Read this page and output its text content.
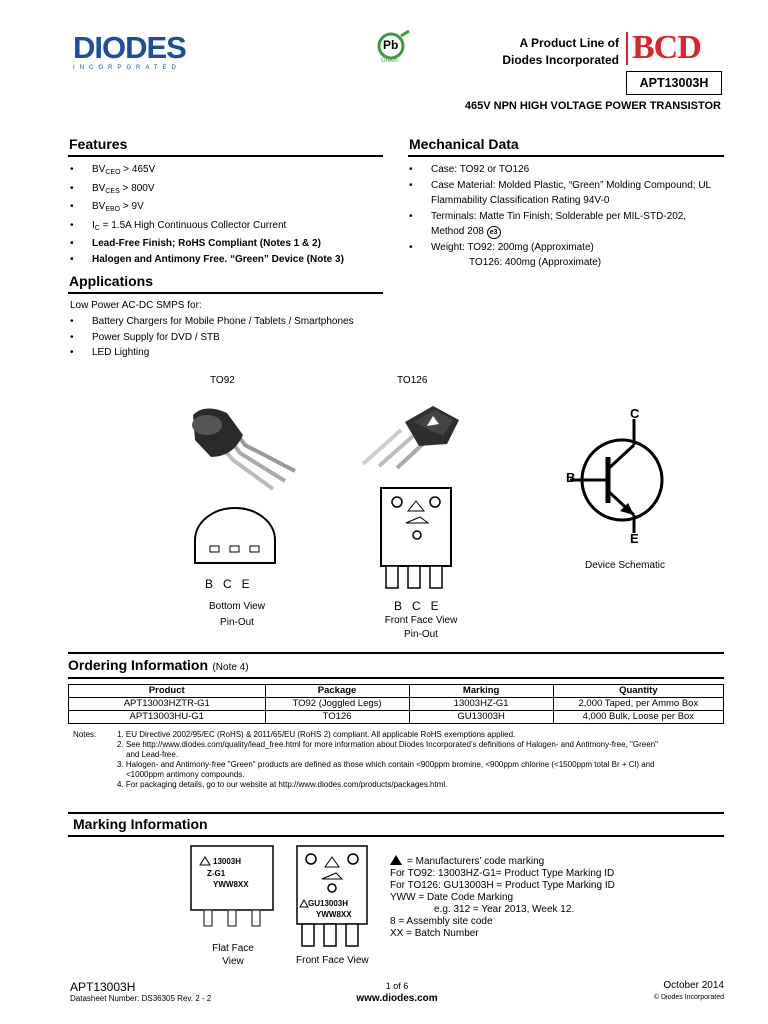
DIODES
INCORPORATED
Pb
Green
A Product Line of
Diodes Incorporated BCD
APT13003H
465V NPN HIGH VOLTAGE POWER TRANSISTOR
Features
• $BV_{CEO} > 465V$
• $BV_{CES} > 800V$
• $BV_{EBO} > 9V$
• $I_C = 1.5A$ High Continuous Collector Current
• Lead-Free Finish; RoHS Compliant (Notes 1 & 2)
• Halogen and Antimony Free. “Green” Device (Note 3)
Mechanical Data
• Case: TO92 or TO126
• Case Material: Molded Plastic, “Green” Molding Compound; UL
Flammability Classification Rating 94V-0
• Terminals: Matte Tin Finish; Solderable per MIL-STD-202,
Method 208 e3
• Weight: TO92: 200mg (Approximate)
TO126: 400mg (Approximate)
Applications
Low Power AC-DC SMPS for:
• Battery Chargers for Mobile Phone / Tablets / Smartphones
• Power Supply for DVD / STB
• LED Lighting
TO92	TO126
B   C   E
Bottom View
Pin-Out
B   C   E
Front Face View
Pin-Out
C
B
E
Device Schematic
Ordering Information (Note 4)
Product	Package	Marking	Quantity
APT13003HZTR-G1	TO92 (Joggled Legs)	13003HZ-G1	2,000 Taped, per Ammo Box
APT13003HU-G1	TO126	GU13003H	4,000 Bulk, Loose per Box
Notes:	1. EU Directive 2002/95/EC (RoHS) & 2011/65/EU (RoHS 2) compliant. All applicable RoHS exemptions applied.
2. See http://www.diodes.com/quality/lead_free.html for more information about Diodes Incorporated’s definitions of Halogen- and Antimony-free, "Green"
and Lead-free.
3. Halogen- and Antimony-free "Green" products are defined as those which contain <900ppm bromine, <900ppm chlorine (<1500ppm total Br + Cl) and
<1000ppm antimony compounds.
4. For packaging details, go to our website at http://www.diodes.com/products/packages.html.
Marking Information
13003H
Z-G1
YWW8XX
Flat Face
View
GU13003H
YWW8XX
Front Face View
= Manufacturers’ code marking
For TO92: 13003HZ-G1= Product Type Marking ID
For TO126: GU13003H = Product Type Marking ID
YWW = Date Code Marking
e.g. 312 = Year 2013, Week 12.
8 = Assembly site code
XX = Batch Number
APT13003H
Datasheet Number: DS36305 Rev. 2 - 2
1 of 6
www.diodes.com
October 2014
© Diodes Incorporated
